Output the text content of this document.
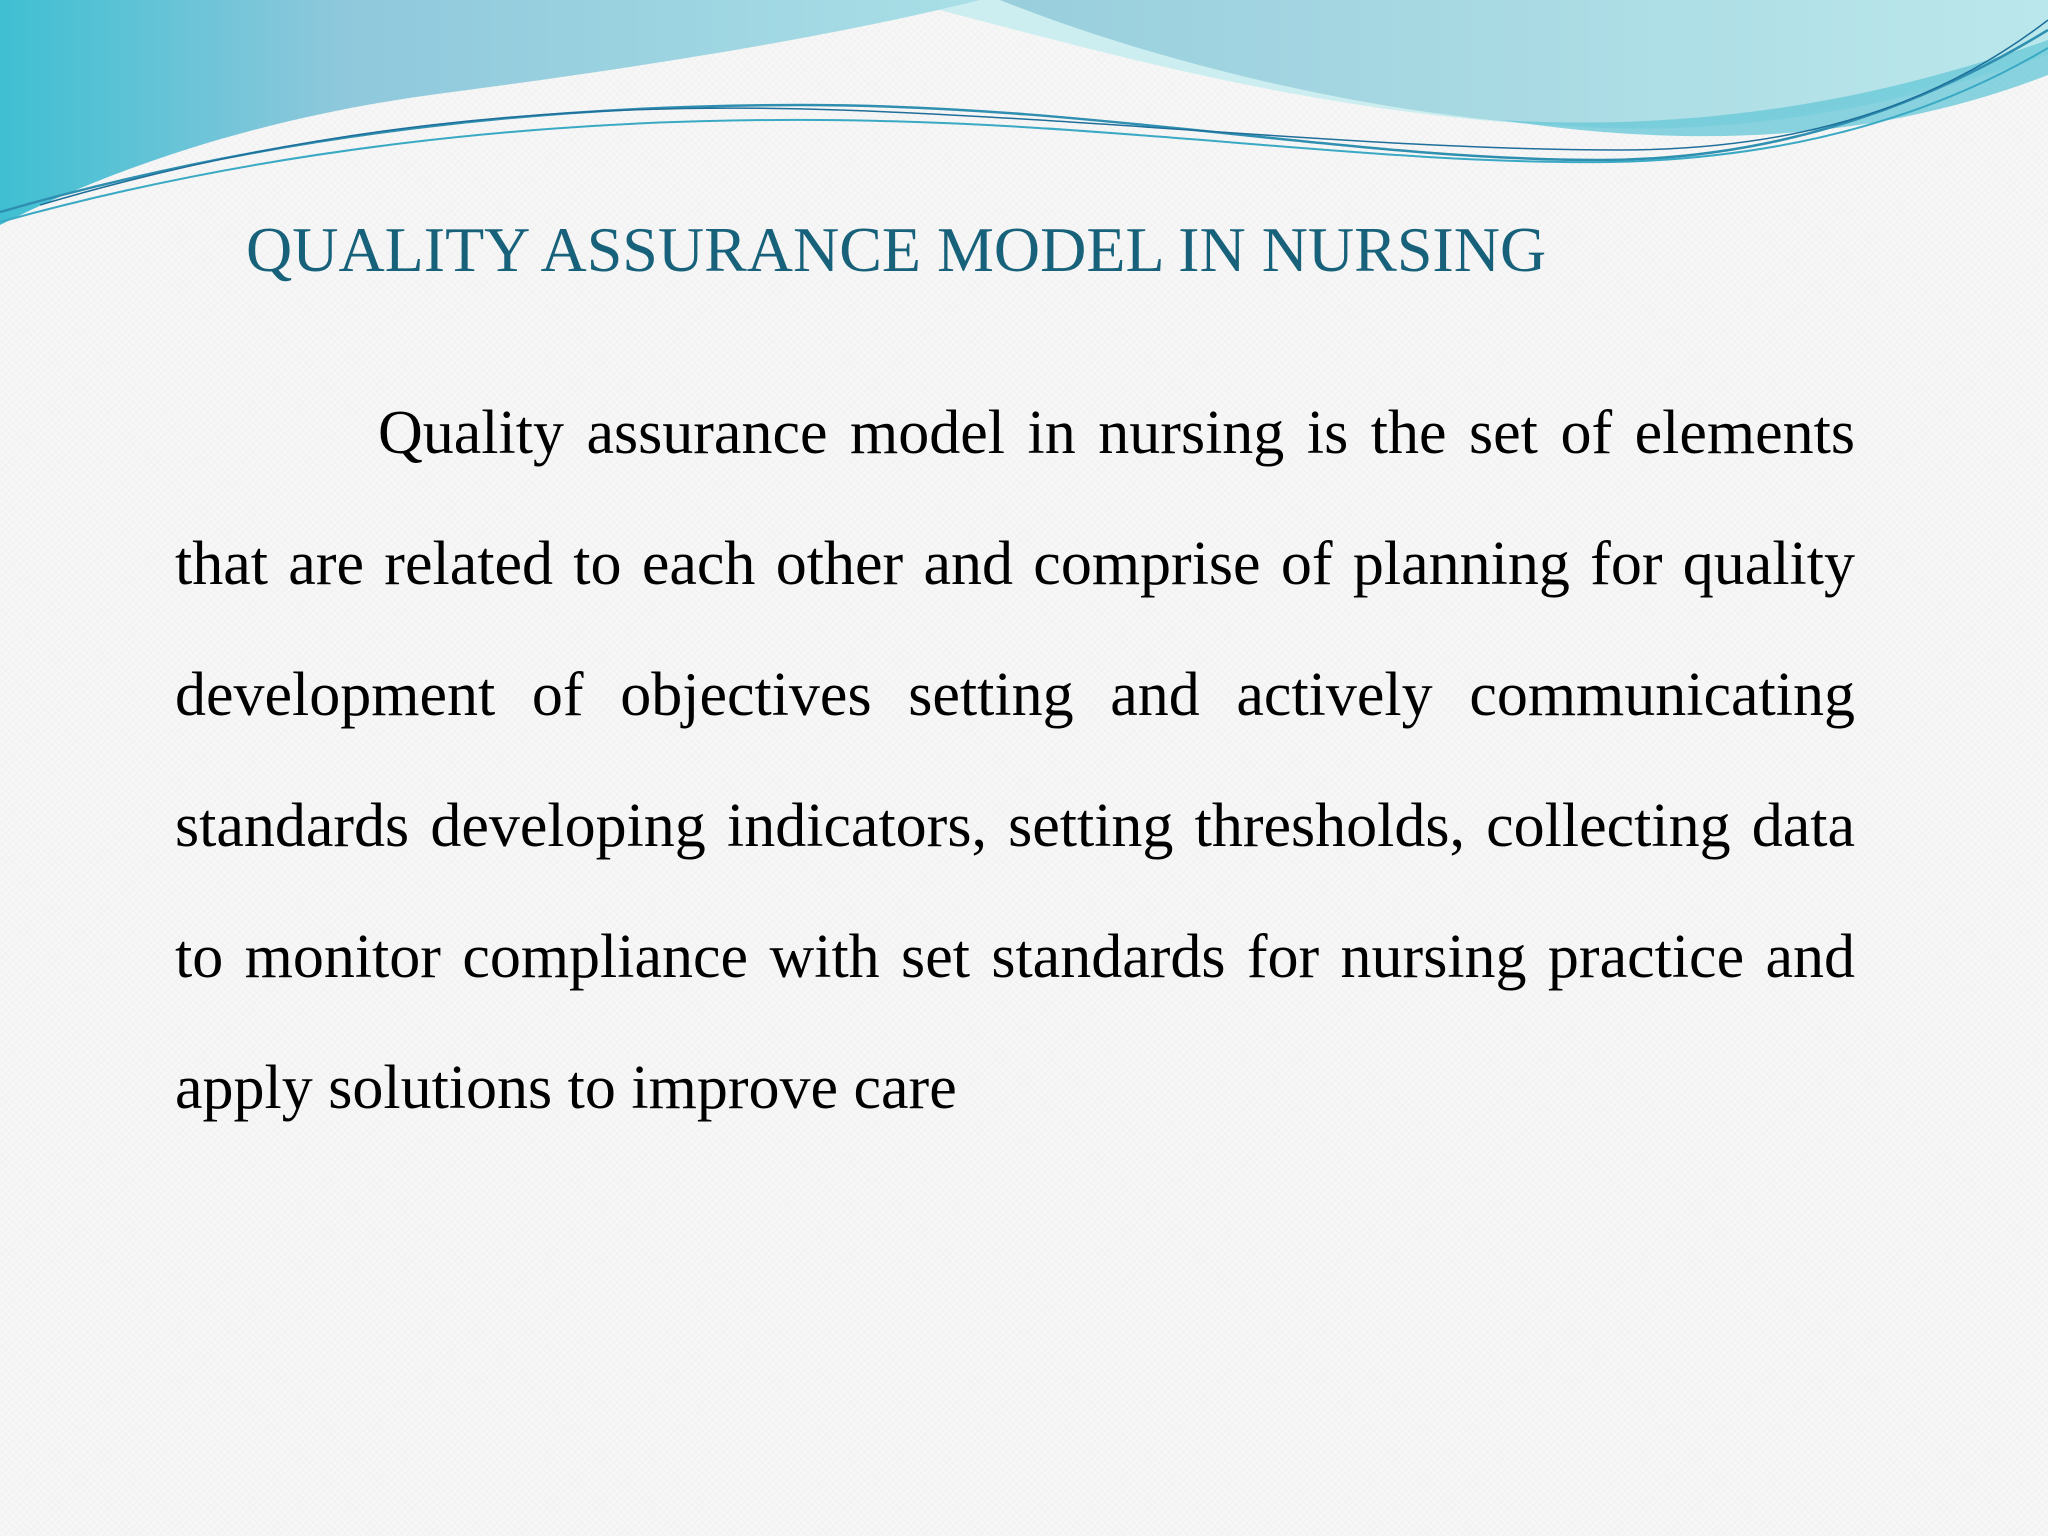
QUALITY ASSURANCE MODEL IN NURSING

Quality assurance model in nursing is the set of elements that are related to each other and comprise of planning for quality development of objectives setting and actively communicating standards developing indicators, setting thresholds, collecting data to monitor compliance with set standards for nursing practice and apply solutions to improve care
